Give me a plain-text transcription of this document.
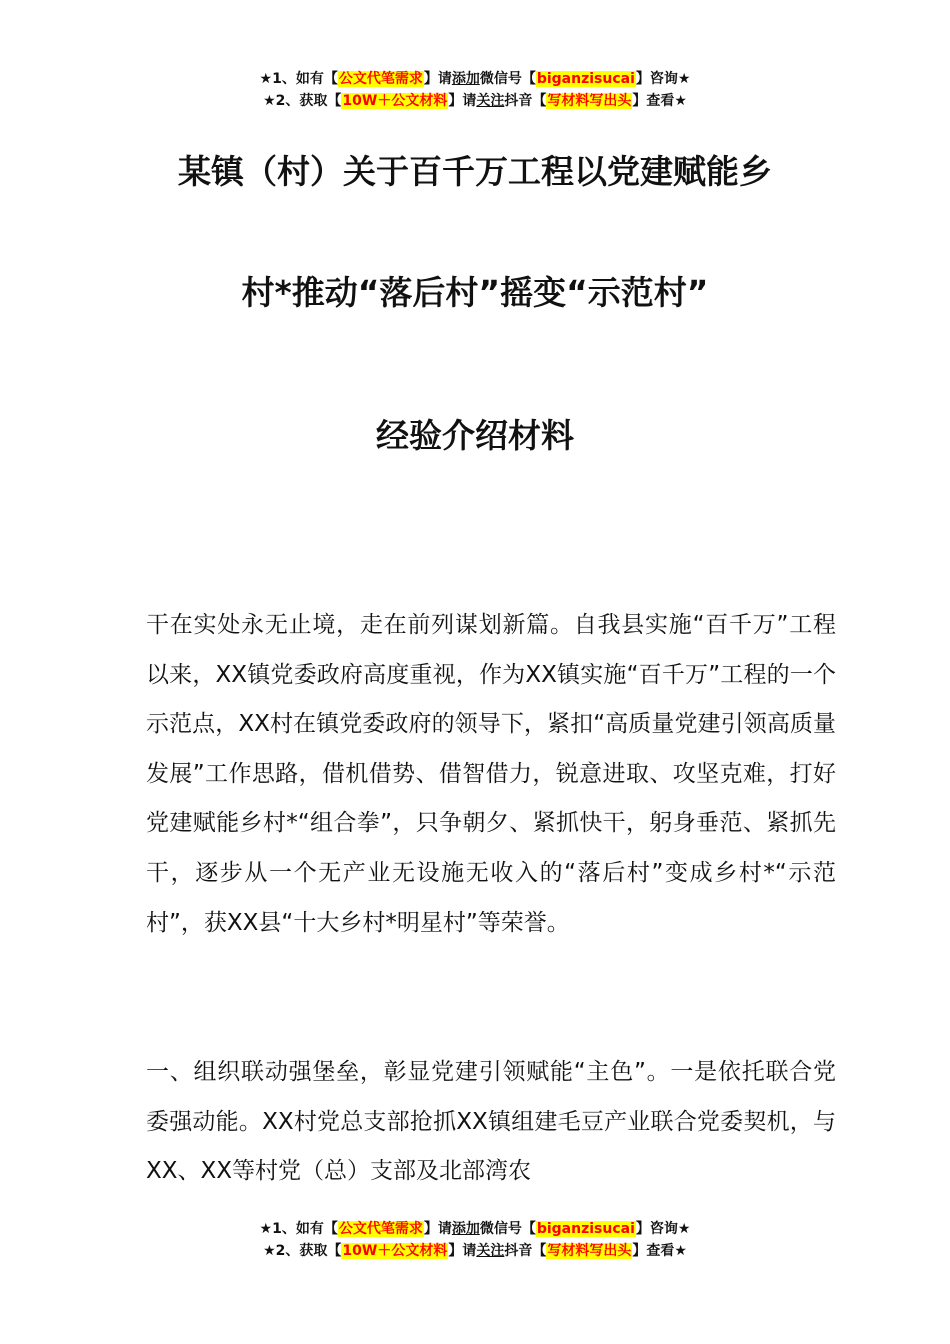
★1、如有【公文代笔需求】请添加微信号【biganzisucai】咨询★
★2、获取【10W＋公文材料】请关注抖音【写材料写出头】查看★
某镇（村）关于百千万工程以党建赋能乡
村*推动“落后村”摇变“示范村”
经验介绍材料
干在实处永无止境，走在前列谋划新篇。自我县实施“百千万”工程以来，XX镇党委政府高度重视，作为XX镇实施“百千万”工程的一个示范点，XX村在镇党委政府的领导下，紧扣“高质量党建引领高质量发展”工作思路，借机借势、借智借力，锐意进取、攻坚克难，打好党建赋能乡村*“组合拳”，只争朝夕、紧抓快干，躬身垂范、紧抓先干，逐步从一个无产业无设施无收入的“落后村”变成乡村*“示范村”，获XX县“十大乡村*明星村”等荣誉。
一、组织联动强堡垒，彰显党建引领赋能“主色”。一是依托联合党委强动能。XX村党总支部抢抓XX镇组建毛豆产业联合党委契机，与XX、XX等村党（总）支部及北部湾农
★1、如有【公文代笔需求】请添加微信号【biganzisucai】咨询★
★2、获取【10W＋公文材料】请关注抖音【写材料写出头】查看★
